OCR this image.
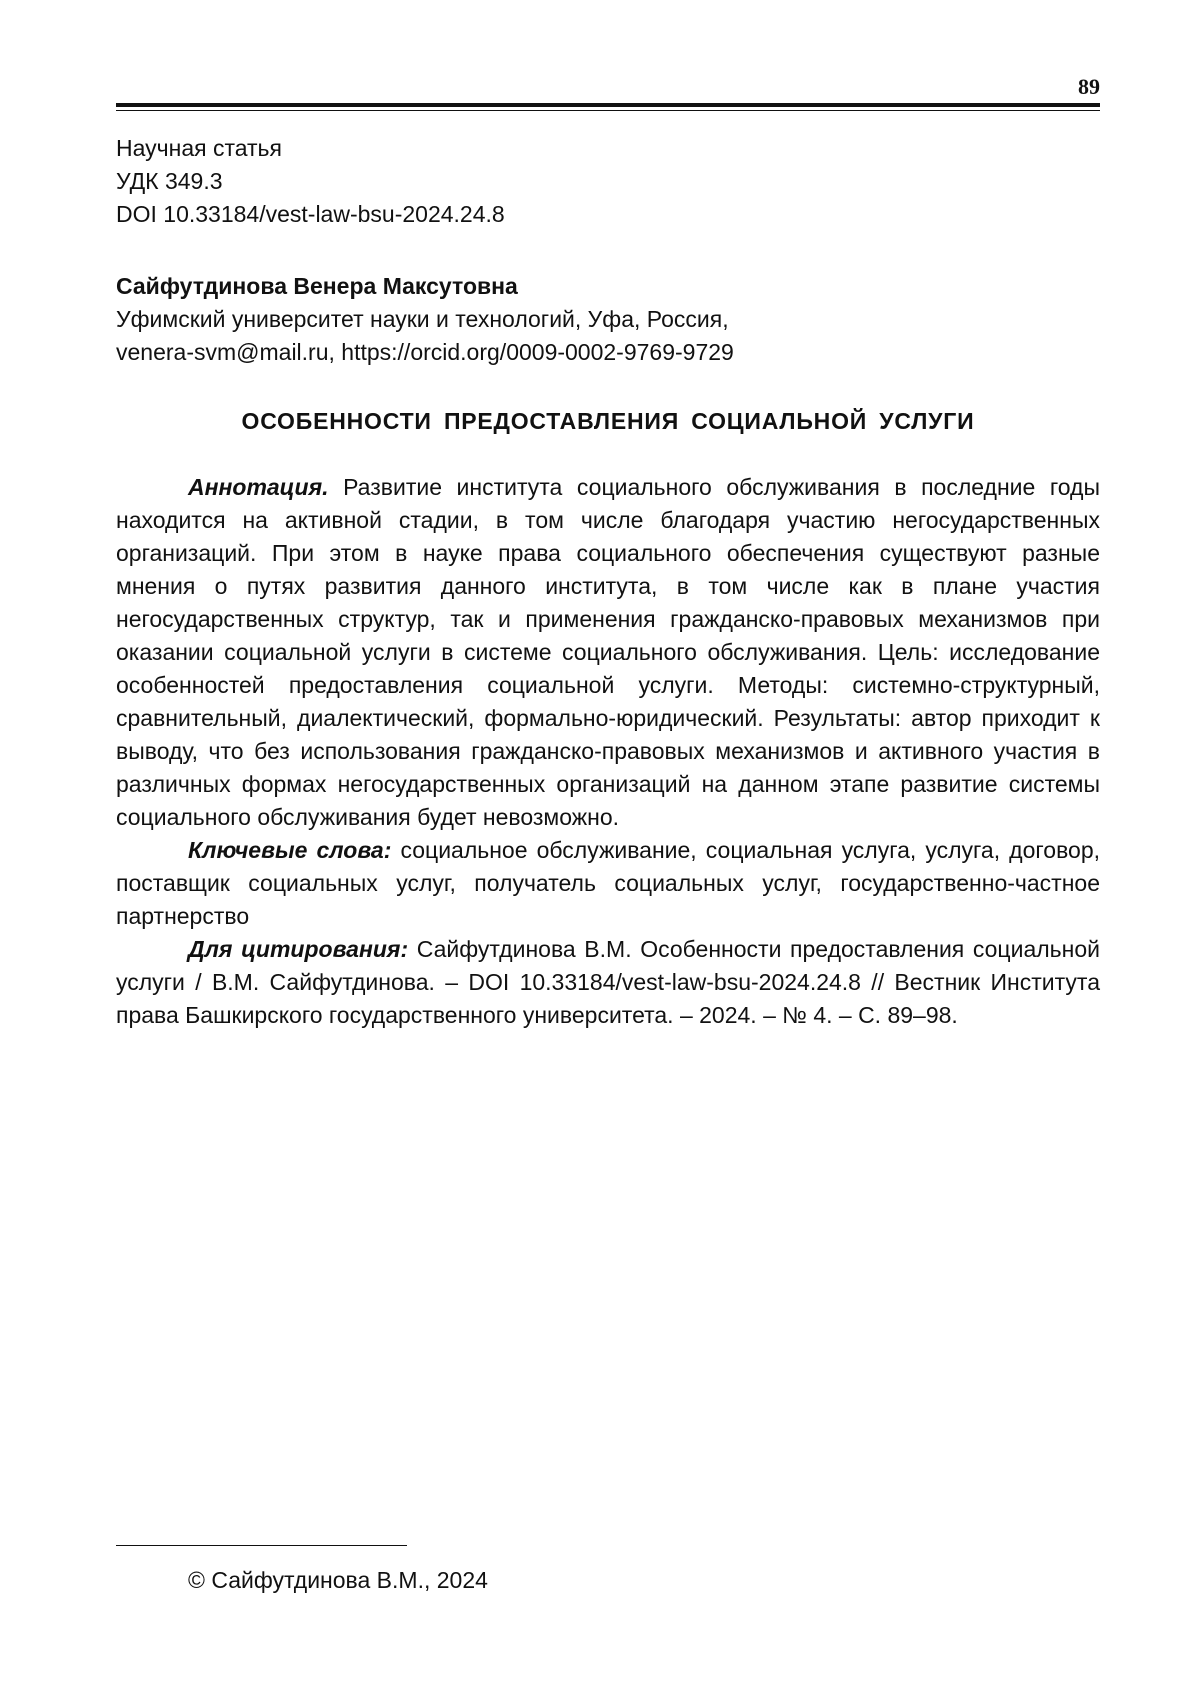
89
Научная статья
УДК 349.3
DOI 10.33184/vest-law-bsu-2024.24.8
Сайфутдинова Венера Максутовна
Уфимский университет науки и технологий, Уфа, Россия,
venera-svm@mail.ru, https://orcid.org/0009-0002-9769-9729
ОСОБЕННОСТИ ПРЕДОСТАВЛЕНИЯ СОЦИАЛЬНОЙ УСЛУГИ

Аннотация. Развитие института социального обслуживания в последние годы находится на активной стадии, в том числе благодаря участию негосударственных организаций. При этом в науке права социального обеспечения существуют разные мнения о путях развития данного института, в том числе как в плане участия негосударственных структур, так и применения гражданско-правовых механизмов при оказании социальной услуги в системе социального обслуживания. Цель: исследование особенностей предоставления социальной услуги. Методы: системно-структурный, сравнительный, диалектический, формально-юридический. Результаты: автор приходит к выводу, что без использования гражданско-правовых механизмов и активного участия в различных формах негосударственных организаций на данном этапе развитие системы социального обслуживания будет невозможно.

Ключевые слова: социальное обслуживание, социальная услуга, услуга, договор, поставщик социальных услуг, получатель социальных услуг, государственно-частное партнерство

Для цитирования: Сайфутдинова В.М. Особенности предоставления социальной услуги / В.М. Сайфутдинова. – DOI 10.33184/vest-law-bsu-2024.24.8 // Вестник Института права Башкирского государственного университета. – 2024. – № 4. – С. 89–98.

© Сайфутдинова В.М., 2024
